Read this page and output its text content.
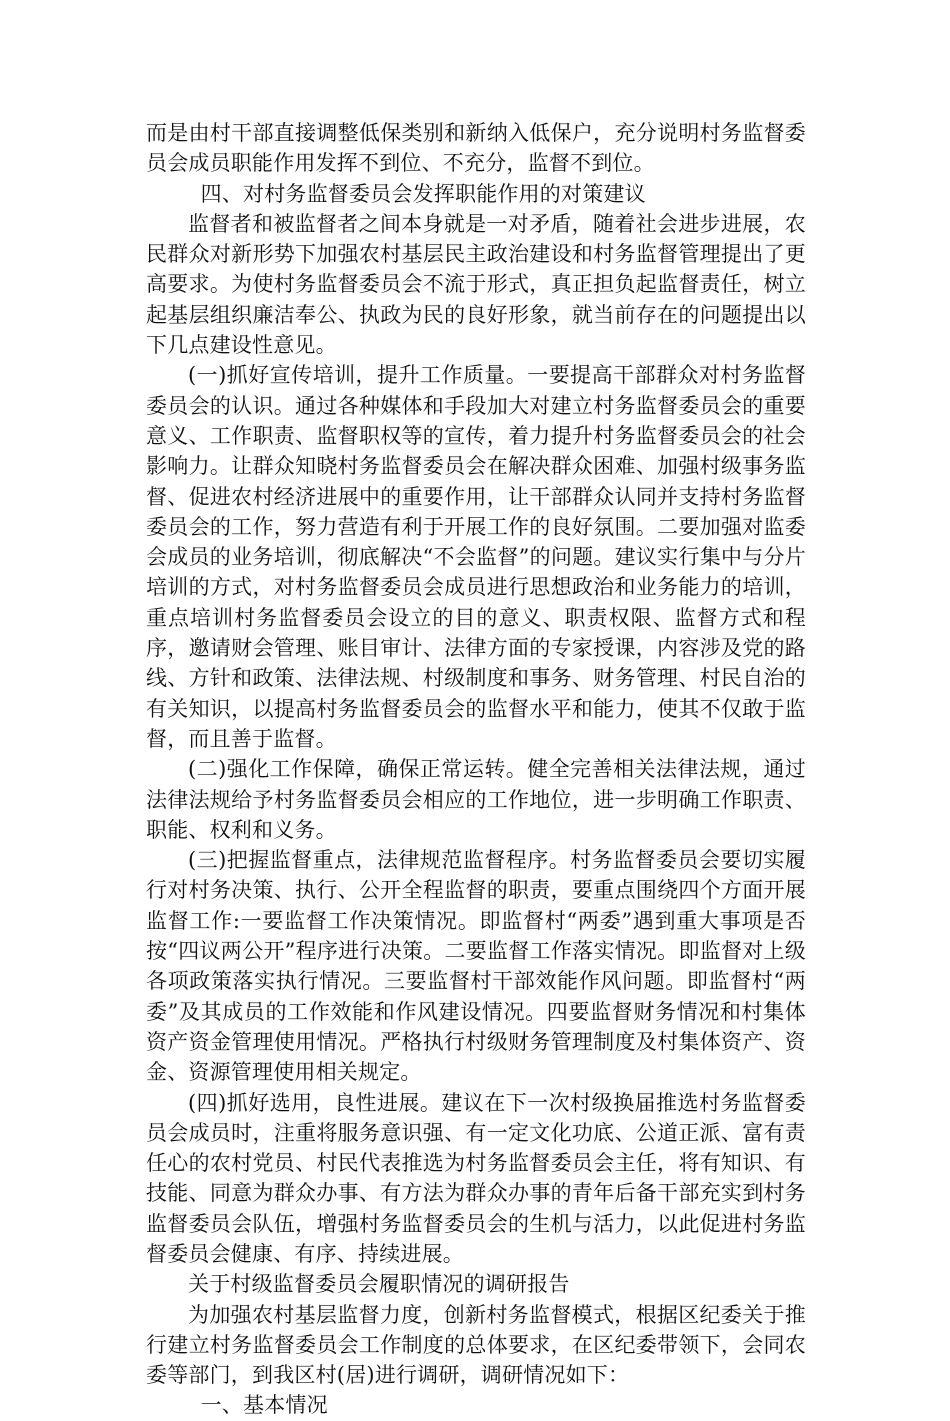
而是由村干部直接调整低保类别和新纳入低保户，充分说明村务监督委员会成员职能作用发挥不到位、不充分，监督不到位。

四、对村务监督委员会发挥职能作用的对策建议

监督者和被监督者之间本身就是一对矛盾，随着社会进步进展，农民群众对新形势下加强农村基层民主政治建设和村务监督管理提出了更高要求。为使村务监督委员会不流于形式，真正担负起监督责任，树立起基层组织廉洁奉公、执政为民的良好形象，就当前存在的问题提出以下几点建设性意见。

(一)抓好宣传培训，提升工作质量。一要提高干部群众对村务监督委员会的认识。通过各种媒体和手段加大对建立村务监督委员会的重要意义、工作职责、监督职权等的宣传，着力提升村务监督委员会的社会影响力。让群众知晓村务监督委员会在解决群众困难、加强村级事务监督、促进农村经济进展中的重要作用，让干部群众认同并支持村务监督委员会的工作，努力营造有利于开展工作的良好氛围。二要加强对监委会成员的业务培训，彻底解决“不会监督”的问题。建议实行集中与分片培训的方式，对村务监督委员会成员进行思想政治和业务能力的培训，重点培训村务监督委员会设立的目的意义、职责权限、监督方式和程序，邀请财会管理、账目审计、法律方面的专家授课，内容涉及党的路线、方针和政策、法律法规、村级制度和事务、财务管理、村民自治的有关知识，以提高村务监督委员会的监督水平和能力，使其不仅敢于监督，而且善于监督。

(二)强化工作保障，确保正常运转。健全完善相关法律法规，通过法律法规给予村务监督委员会相应的工作地位，进一步明确工作职责、职能、权利和义务。

(三)把握监督重点，法律规范监督程序。村务监督委员会要切实履行对村务决策、执行、公开全程监督的职责，要重点围绕四个方面开展监督工作:一要监督工作决策情况。即监督村“两委”遇到重大事项是否按“四议两公开”程序进行决策。二要监督工作落实情况。即监督对上级各项政策落实执行情况。三要监督村干部效能作风问题。即监督村“两委”及其成员的工作效能和作风建设情况。四要监督财务情况和村集体资产资金管理使用情况。严格执行村级财务管理制度及村集体资产、资金、资源管理使用相关规定。

(四)抓好选用，良性进展。建议在下一次村级换届推选村务监督委员会成员时，注重将服务意识强、有一定文化功底、公道正派、富有责任心的农村党员、村民代表推选为村务监督委员会主任，将有知识、有技能、同意为群众办事、有方法为群众办事的青年后备干部充实到村务监督委员会队伍，增强村务监督委员会的生机与活力，以此促进村务监督委员会健康、有序、持续进展。

关于村级监督委员会履职情况的调研报告

为加强农村基层监督力度，创新村务监督模式，根据区纪委关于推行建立村务监督委员会工作制度的总体要求，在区纪委带领下，会同农委等部门，到我区村(居)进行调研，调研情况如下：

一、基本情况
